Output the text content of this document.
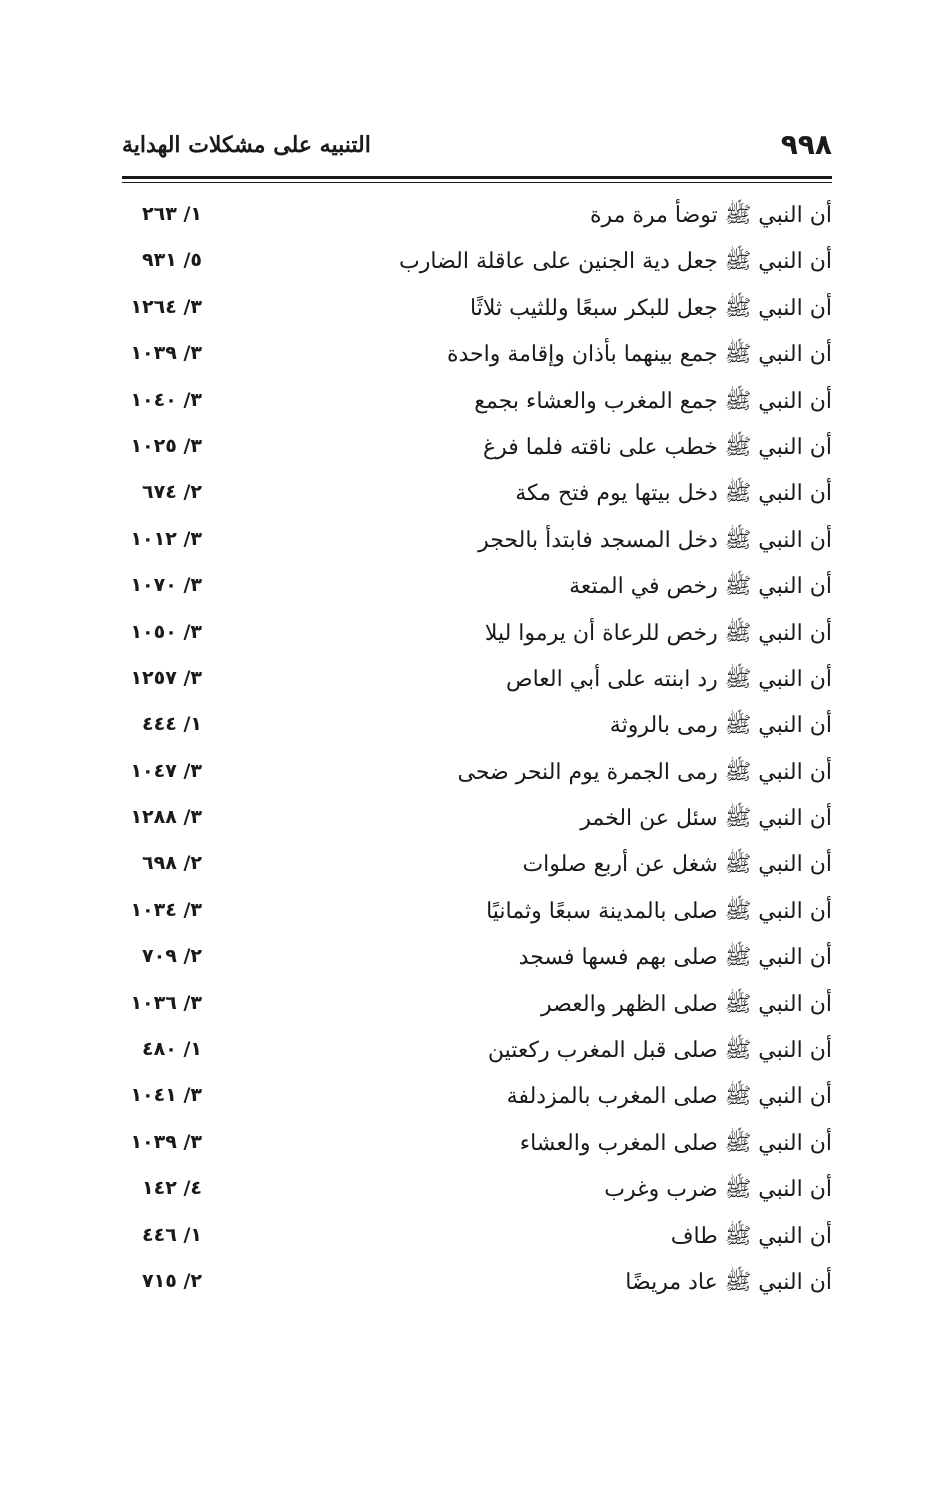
٩٩٨
التنبيه على مشكلات الهداية
أن النبي ﷺ توضأ مرة مرة
١/ ٢٦٣
أن النبي ﷺ جعل دية الجنين على عاقلة الضارب
٥/ ٩٣١
أن النبي ﷺ جعل للبكر سبعًا وللثيب ثلاثًا
٣/ ١٢٦٤
أن النبي ﷺ جمع بينهما بأذان وإقامة واحدة
٣/ ١٠٣٩
أن النبي ﷺ جمع المغرب والعشاء بجمع
٣/ ١٠٤٠
أن النبي ﷺ خطب على ناقته فلما فرغ
٣/ ١٠٢٥
أن النبي ﷺ دخل بيتها يوم فتح مكة
٢/ ٦٧٤
أن النبي ﷺ دخل المسجد فابتدأ بالحجر
٣/ ١٠١٢
أن النبي ﷺ رخص في المتعة
٣/ ١٠٧٠
أن النبي ﷺ رخص للرعاة أن يرموا ليلا
٣/ ١٠٥٠
أن النبي ﷺ رد ابنته على أبي العاص
٣/ ١٢٥٧
أن النبي ﷺ رمى بالروثة
١/ ٤٤٤
أن النبي ﷺ رمى الجمرة يوم النحر ضحى
٣/ ١٠٤٧
أن النبي ﷺ سئل عن الخمر
٣/ ١٢٨٨
أن النبي ﷺ شغل عن أربع صلوات
٢/ ٦٩٨
أن النبي ﷺ صلى بالمدينة سبعًا وثمانيًا
٣/ ١٠٣٤
أن النبي ﷺ صلى بهم فسها فسجد
٢/ ٧٠٩
أن النبي ﷺ صلى الظهر والعصر
٣/ ١٠٣٦
أن النبي ﷺ صلى قبل المغرب ركعتين
١/ ٤٨٠
أن النبي ﷺ صلى المغرب بالمزدلفة
٣/ ١٠٤١
أن النبي ﷺ صلى المغرب والعشاء
٣/ ١٠٣٩
أن النبي ﷺ ضرب وغرب
٤/ ١٤٢
أن النبي ﷺ طاف
١/ ٤٤٦
أن النبي ﷺ عاد مريضًا
٢/ ٧١٥
